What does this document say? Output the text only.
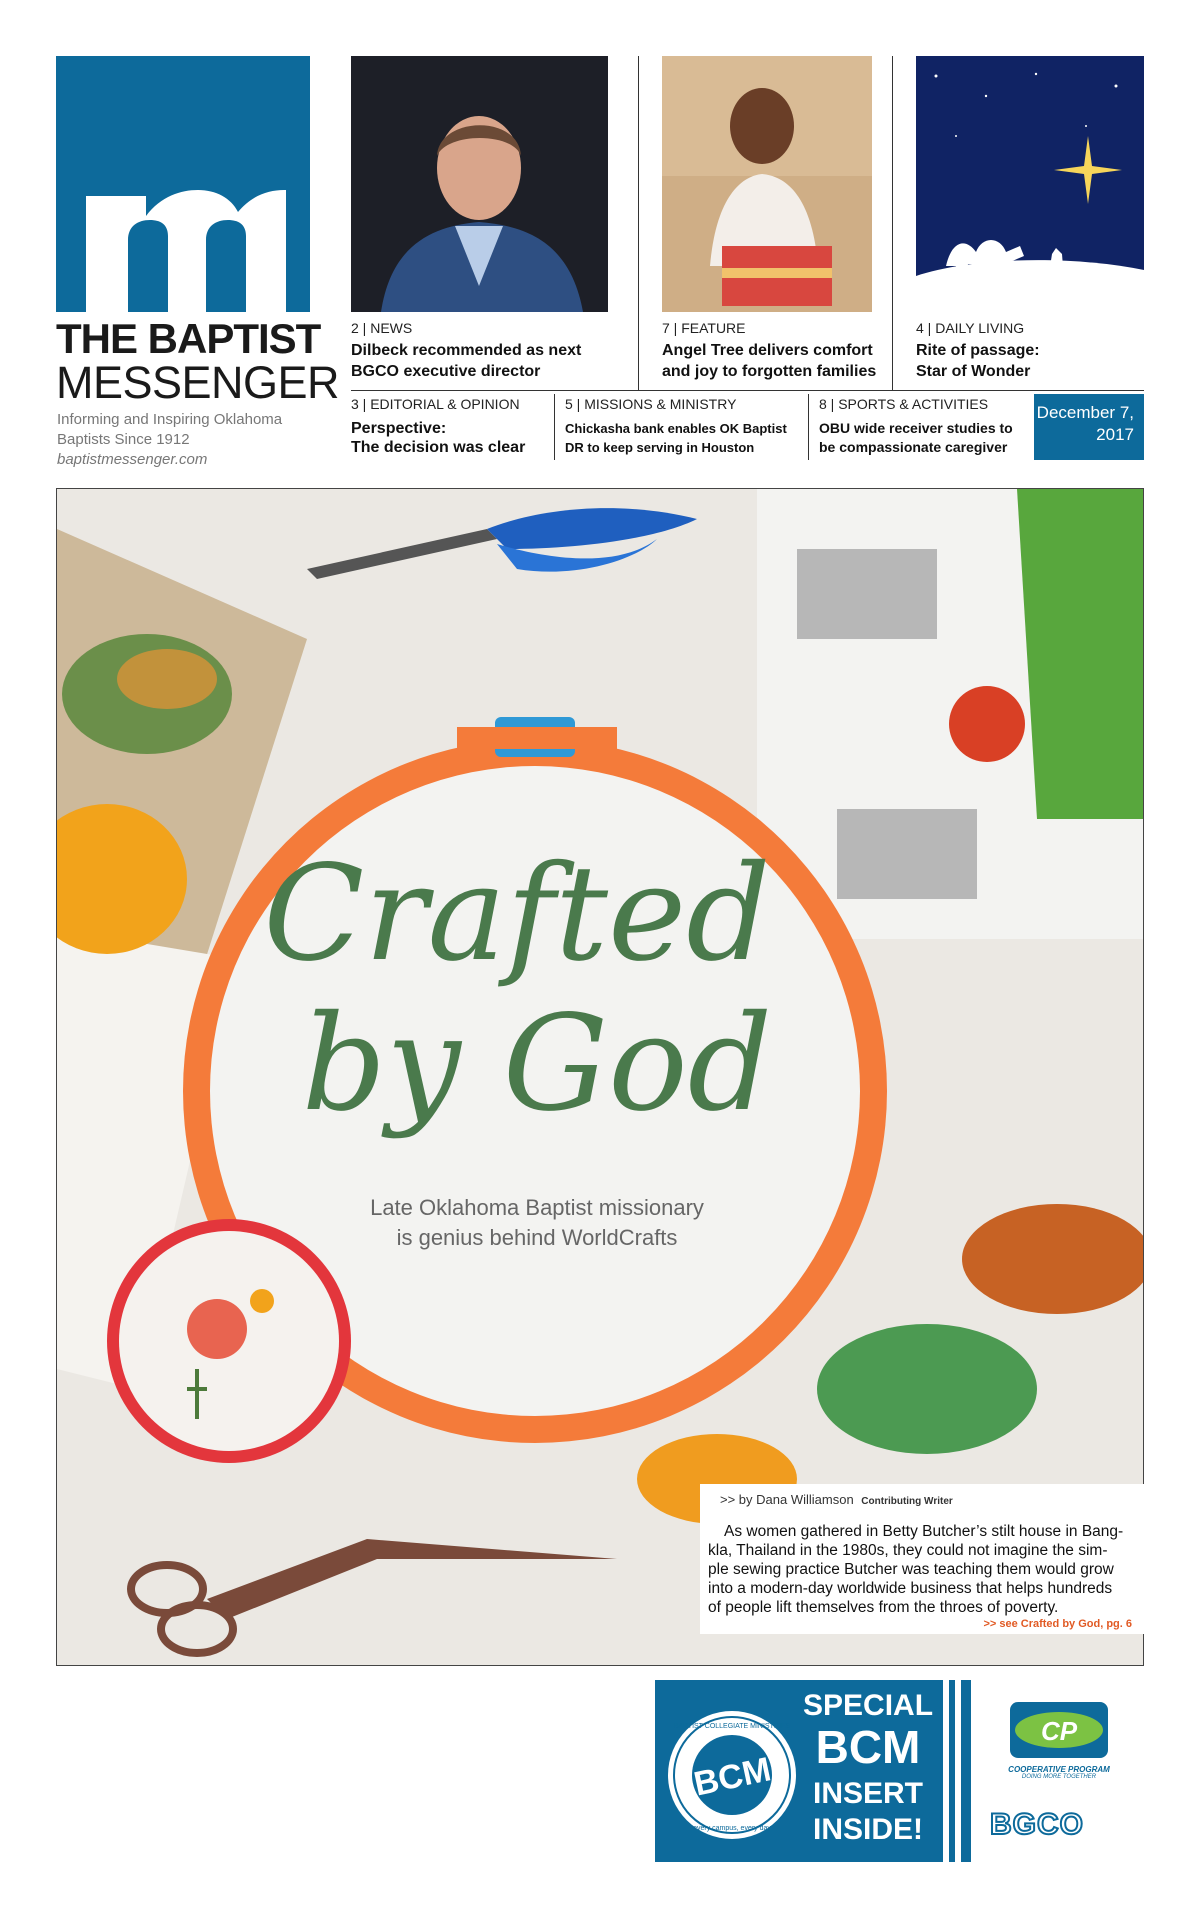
THE BAPTIST
MESSENGER
Informing and Inspiring Oklahoma
Baptists Since 1912
baptistmessenger.com
2 | NEWS
Dilbeck recommended as next
BGCO executive director
7 | FEATURE
Angel Tree delivers comfort
and joy to forgotten families
4 | DAILY LIVING
Rite of passage:
Star of Wonder
3 | EDITORIAL & OPINION
Perspective:
The decision was clear
5 | MISSIONS & MINISTRY
Chickasha bank enables OK Baptist
DR to keep serving in Houston
8 | SPORTS & ACTIVITIES
OBU wide receiver studies to
be compassionate caregiver
December 7,
2017
Crafted
by God
Late Oklahoma Baptist missionary
is genius behind WorldCrafts
>> by Dana Williamson Contributing Writer
As women gathered in Betty Butcher’s stilt house in Bang-
kla, Thailand in the 1980s, they could not imagine the sim-
ple sewing practice Butcher was teaching them would grow
into a modern-day worldwide business that helps hundreds
of people lift themselves from the throes of poverty.
>> see Crafted by God, pg. 6
BCM
BAPTIST COLLEGIATE MINISTRIES
every campus, every day
SPECIAL
BCM
INSERT
INSIDE!
CP
COOPERATIVE PROGRAM
DOING MORE TOGETHER
BGCO
